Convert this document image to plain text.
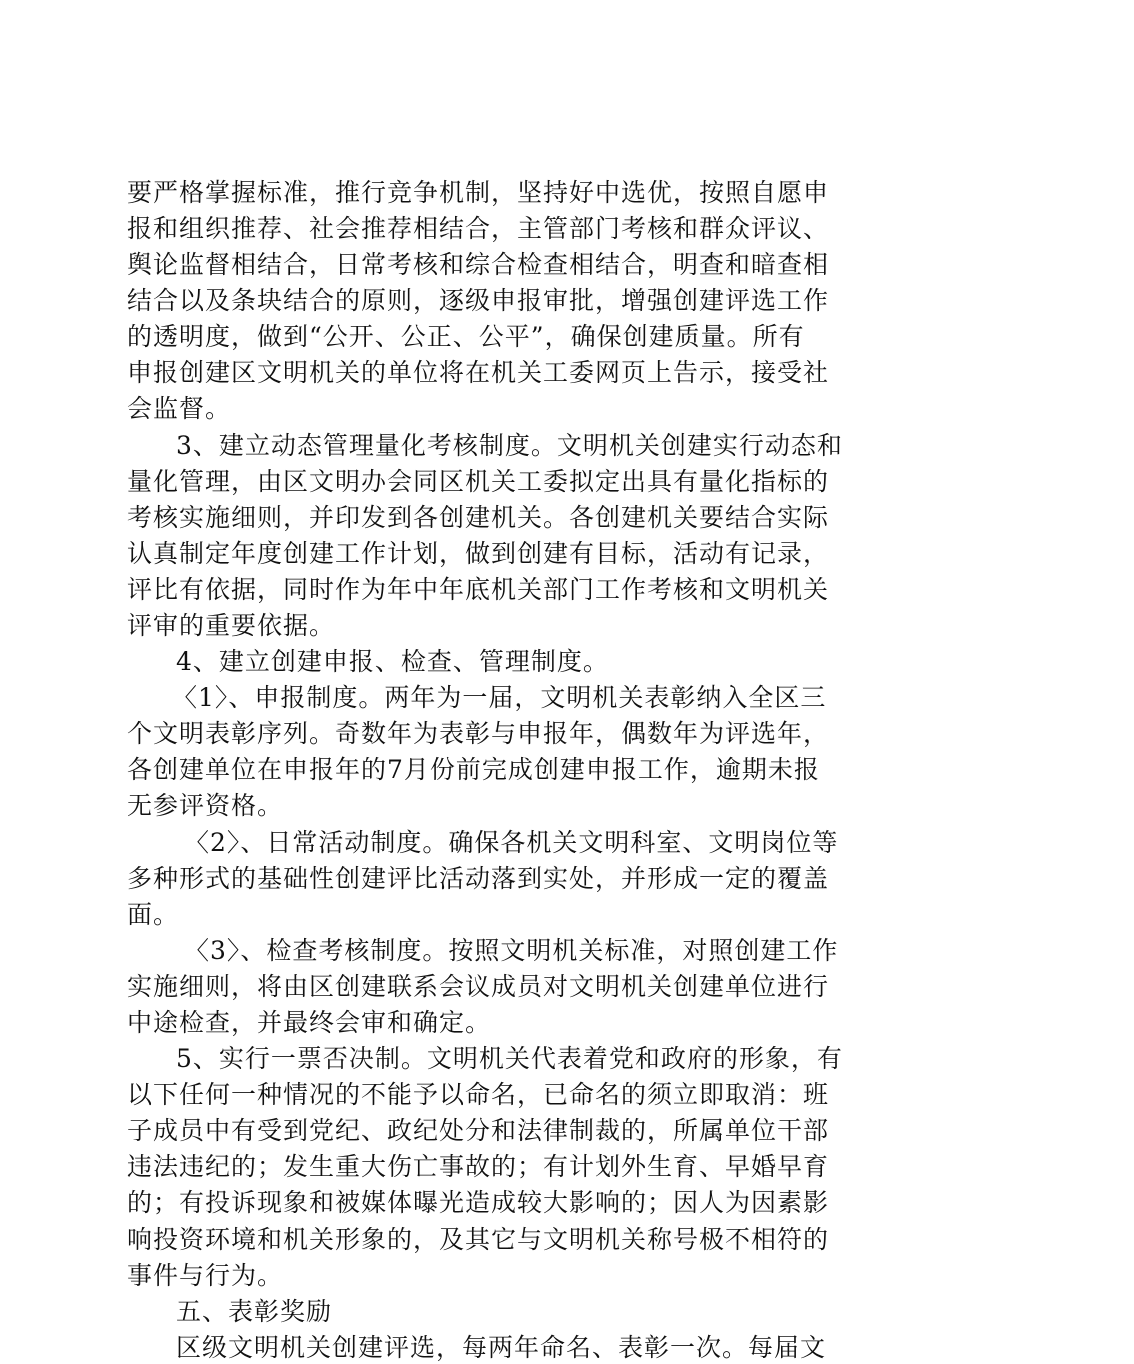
要严格掌握标准，推行竞争机制，坚持好中选优，按照自愿申

报和组织推荐、社会推荐相结合，主管部门考核和群众评议、

舆论监督相结合，日常考核和综合检查相结合，明查和暗查相

结合以及条块结合的原则，逐级申报审批，增强创建评选工作

的透明度，做到“公开、公正、公平”，确保创建质量。所有

申报创建区文明机关的单位将在机关工委网页上告示，接受社

会监督。

3、建立动态管理量化考核制度。文明机关创建实行动态和

量化管理，由区文明办会同区机关工委拟定出具有量化指标的

考核实施细则，并印发到各创建机关。各创建机关要结合实际

认真制定年度创建工作计划，做到创建有目标，活动有记录，

评比有依据，同时作为年中年底机关部门工作考核和文明机关

评审的重要依据。

4、建立创建申报、检查、管理制度。

〈1〉、申报制度。两年为一届，文明机关表彰纳入全区三

个文明表彰序列。奇数年为表彰与申报年，偶数年为评选年，

各创建单位在申报年的7月份前完成创建申报工作，逾期未报

无参评资格。

〈2〉、日常活动制度。确保各机关文明科室、文明岗位等

多种形式的基础性创建评比活动落到实处，并形成一定的覆盖

面。

〈3〉、检查考核制度。按照文明机关标准，对照创建工作

实施细则，将由区创建联系会议成员对文明机关创建单位进行

中途检查，并最终会审和确定。

5、实行一票否决制。文明机关代表着党和政府的形象，有

以下任何一种情况的不能予以命名，已命名的须立即取消：班

子成员中有受到党纪、政纪处分和法律制裁的，所属单位干部

违法违纪的；发生重大伤亡事故的；有计划外生育、早婚早育

的；有投诉现象和被媒体曝光造成较大影响的；因人为因素影

响投资环境和机关形象的，及其它与文明机关称号极不相符的

事件与行为。

五、表彰奖励

区级文明机关创建评选，每两年命名、表彰一次。每届文
